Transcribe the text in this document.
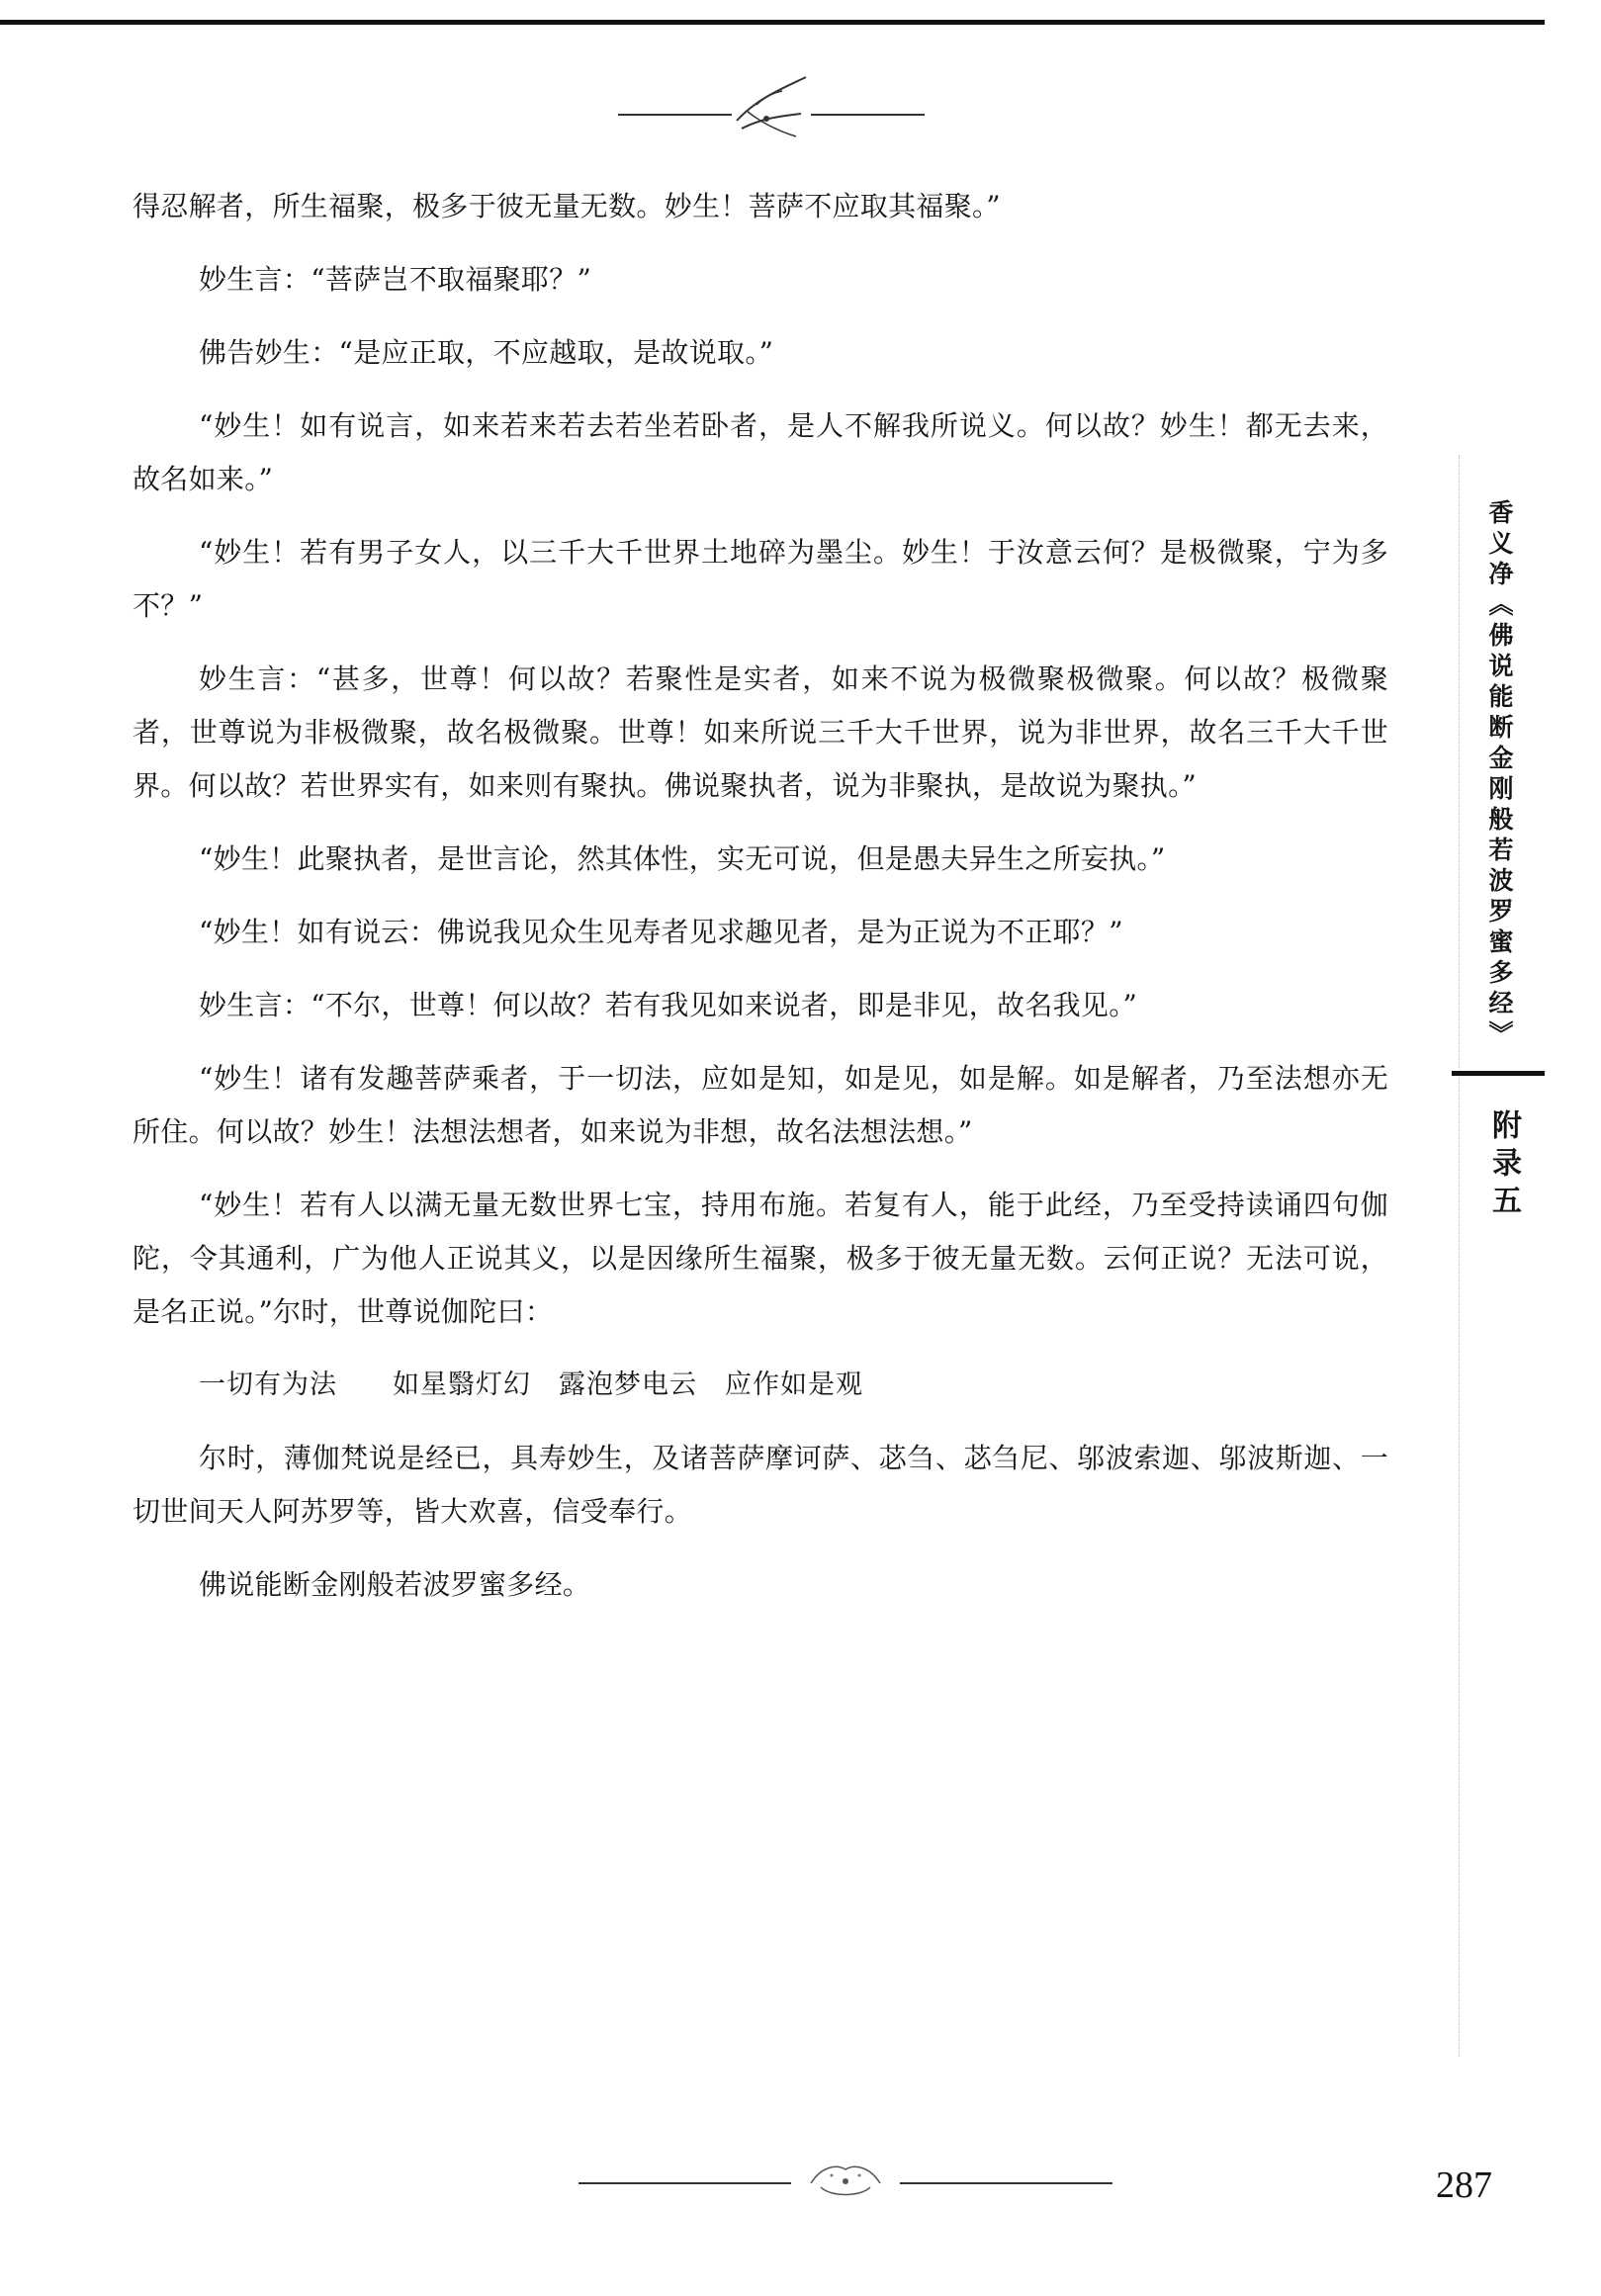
香义净《佛说能断金刚般若波罗蜜多经》
附录五

得忍解者，所生福聚，极多于彼无量无数。妙生！菩萨不应取其福聚。”

妙生言：“菩萨岂不取福聚耶？”

佛告妙生：“是应正取，不应越取，是故说取。”

“妙生！如有说言，如来若来若去若坐若卧者，是人不解我所说义。何以故？妙生！都无去来，故名如来。”

“妙生！若有男子女人，以三千大千世界土地碎为墨尘。妙生！于汝意云何？是极微聚，宁为多不？”

妙生言：“甚多，世尊！何以故？若聚性是实者，如来不说为极微聚极微聚。何以故？极微聚者，世尊说为非极微聚，故名极微聚。世尊！如来所说三千大千世界，说为非世界，故名三千大千世界。何以故？若世界实有，如来则有聚执。佛说聚执者，说为非聚执，是故说为聚执。”

“妙生！此聚执者，是世言论，然其体性，实无可说，但是愚夫异生之所妄执。”

“妙生！如有说云：佛说我见众生见寿者见求趣见者，是为正说为不正耶？”

妙生言：“不尔，世尊！何以故？若有我见如来说者，即是非见，故名我见。”

“妙生！诸有发趣菩萨乘者，于一切法，应如是知，如是见，如是解。如是解者，乃至法想亦无所住。何以故？妙生！法想法想者，如来说为非想，故名法想法想。”

“妙生！若有人以满无量无数世界七宝，持用布施。若复有人，能于此经，乃至受持读诵四句伽陀，令其通利，广为他人正说其义，以是因缘所生福聚，极多于彼无量无数。云何正说？无法可说，是名正说。”尔时，世尊说伽陀曰：

一切有为法　　如星翳灯幻　露泡梦电云　应作如是观

尔时，薄伽梵说是经已，具寿妙生，及诸菩萨摩诃萨、苾刍、苾刍尼、邬波索迦、邬波斯迦、一切世间天人阿苏罗等，皆大欢喜，信受奉行。

佛说能断金刚般若波罗蜜多经。

287
